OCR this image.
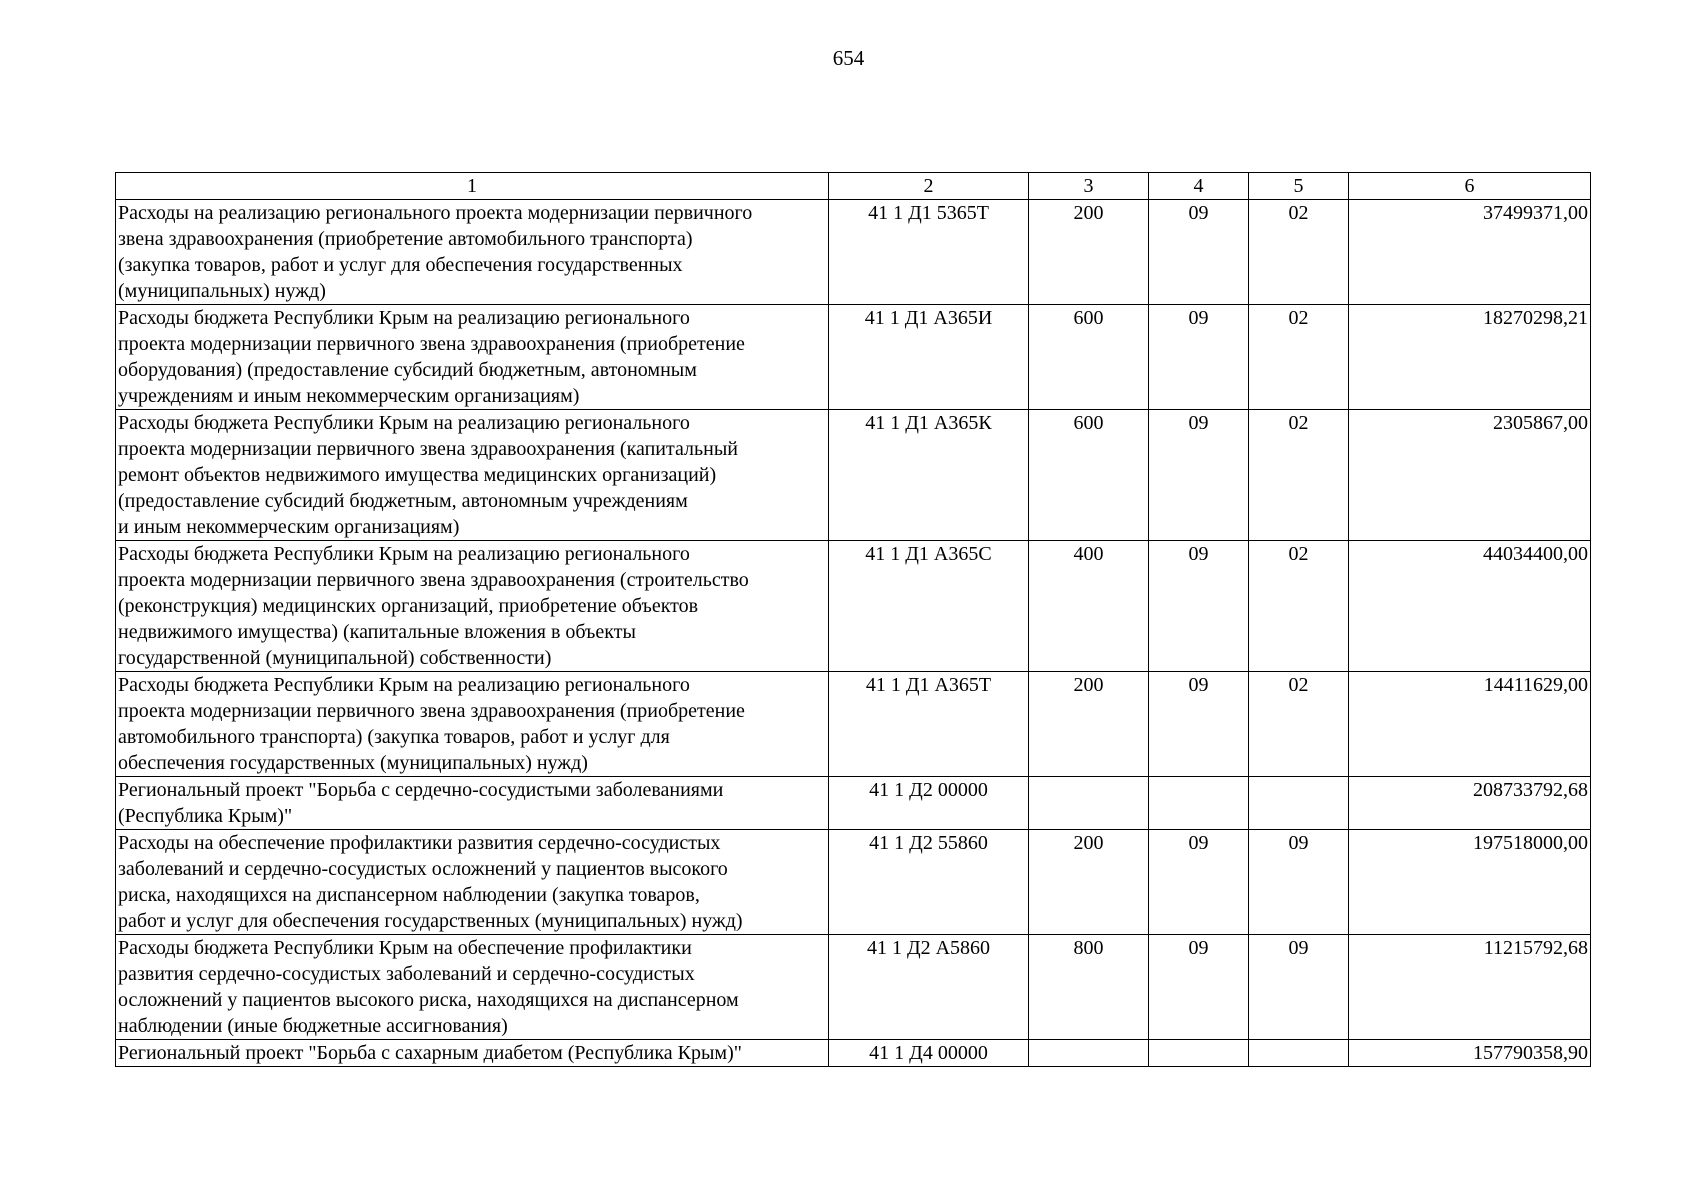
654
1	2	3	4	5	6
Расходы на реализацию регионального проекта модернизации первичного
звена здравоохранения (приобретение автомобильного транспорта)
(закупка товаров, работ и услуг для обеспечения государственных
(муниципальных) нужд)	41 1 Д1 5365Т	200	09	02	37499371,00
Расходы бюджета Республики Крым на реализацию регионального
проекта модернизации первичного звена здравоохранения (приобретение
оборудования) (предоставление субсидий бюджетным, автономным
учреждениям и иным некоммерческим организациям)	41 1 Д1 А365И	600	09	02	18270298,21
Расходы бюджета Республики Крым на реализацию регионального
проекта модернизации первичного звена здравоохранения (капитальный
ремонт объектов недвижимого имущества медицинских организаций)
(предоставление субсидий бюджетным, автономным учреждениям
и иным некоммерческим организациям)	41 1 Д1 А365К	600	09	02	2305867,00
Расходы бюджета Республики Крым на реализацию регионального
проекта модернизации первичного звена здравоохранения (строительство
(реконструкция) медицинских организаций, приобретение объектов
недвижимого имущества) (капитальные вложения в объекты
государственной (муниципальной) собственности)	41 1 Д1 А365С	400	09	02	44034400,00
Расходы бюджета Республики Крым на реализацию регионального
проекта модернизации первичного звена здравоохранения (приобретение
автомобильного транспорта) (закупка товаров, работ и услуг для
обеспечения государственных (муниципальных) нужд)	41 1 Д1 А365Т	200	09	02	14411629,00
Региональный проект "Борьба с сердечно-сосудистыми заболеваниями
(Республика Крым)"	41 1 Д2 00000				208733792,68
Расходы на обеспечение профилактики развития сердечно-сосудистых
заболеваний и сердечно-сосудистых осложнений у пациентов высокого
риска, находящихся на диспансерном наблюдении (закупка товаров,
работ и услуг для обеспечения государственных (муниципальных) нужд)	41 1 Д2 55860	200	09	09	197518000,00
Расходы бюджета Республики Крым на обеспечение профилактики
развития сердечно-сосудистых заболеваний и сердечно-сосудистых
осложнений у пациентов высокого риска, находящихся на диспансерном
наблюдении (иные бюджетные ассигнования)	41 1 Д2 А5860	800	09	09	11215792,68
Региональный проект "Борьба с сахарным диабетом (Республика Крым)"	41 1 Д4 00000				157790358,90
